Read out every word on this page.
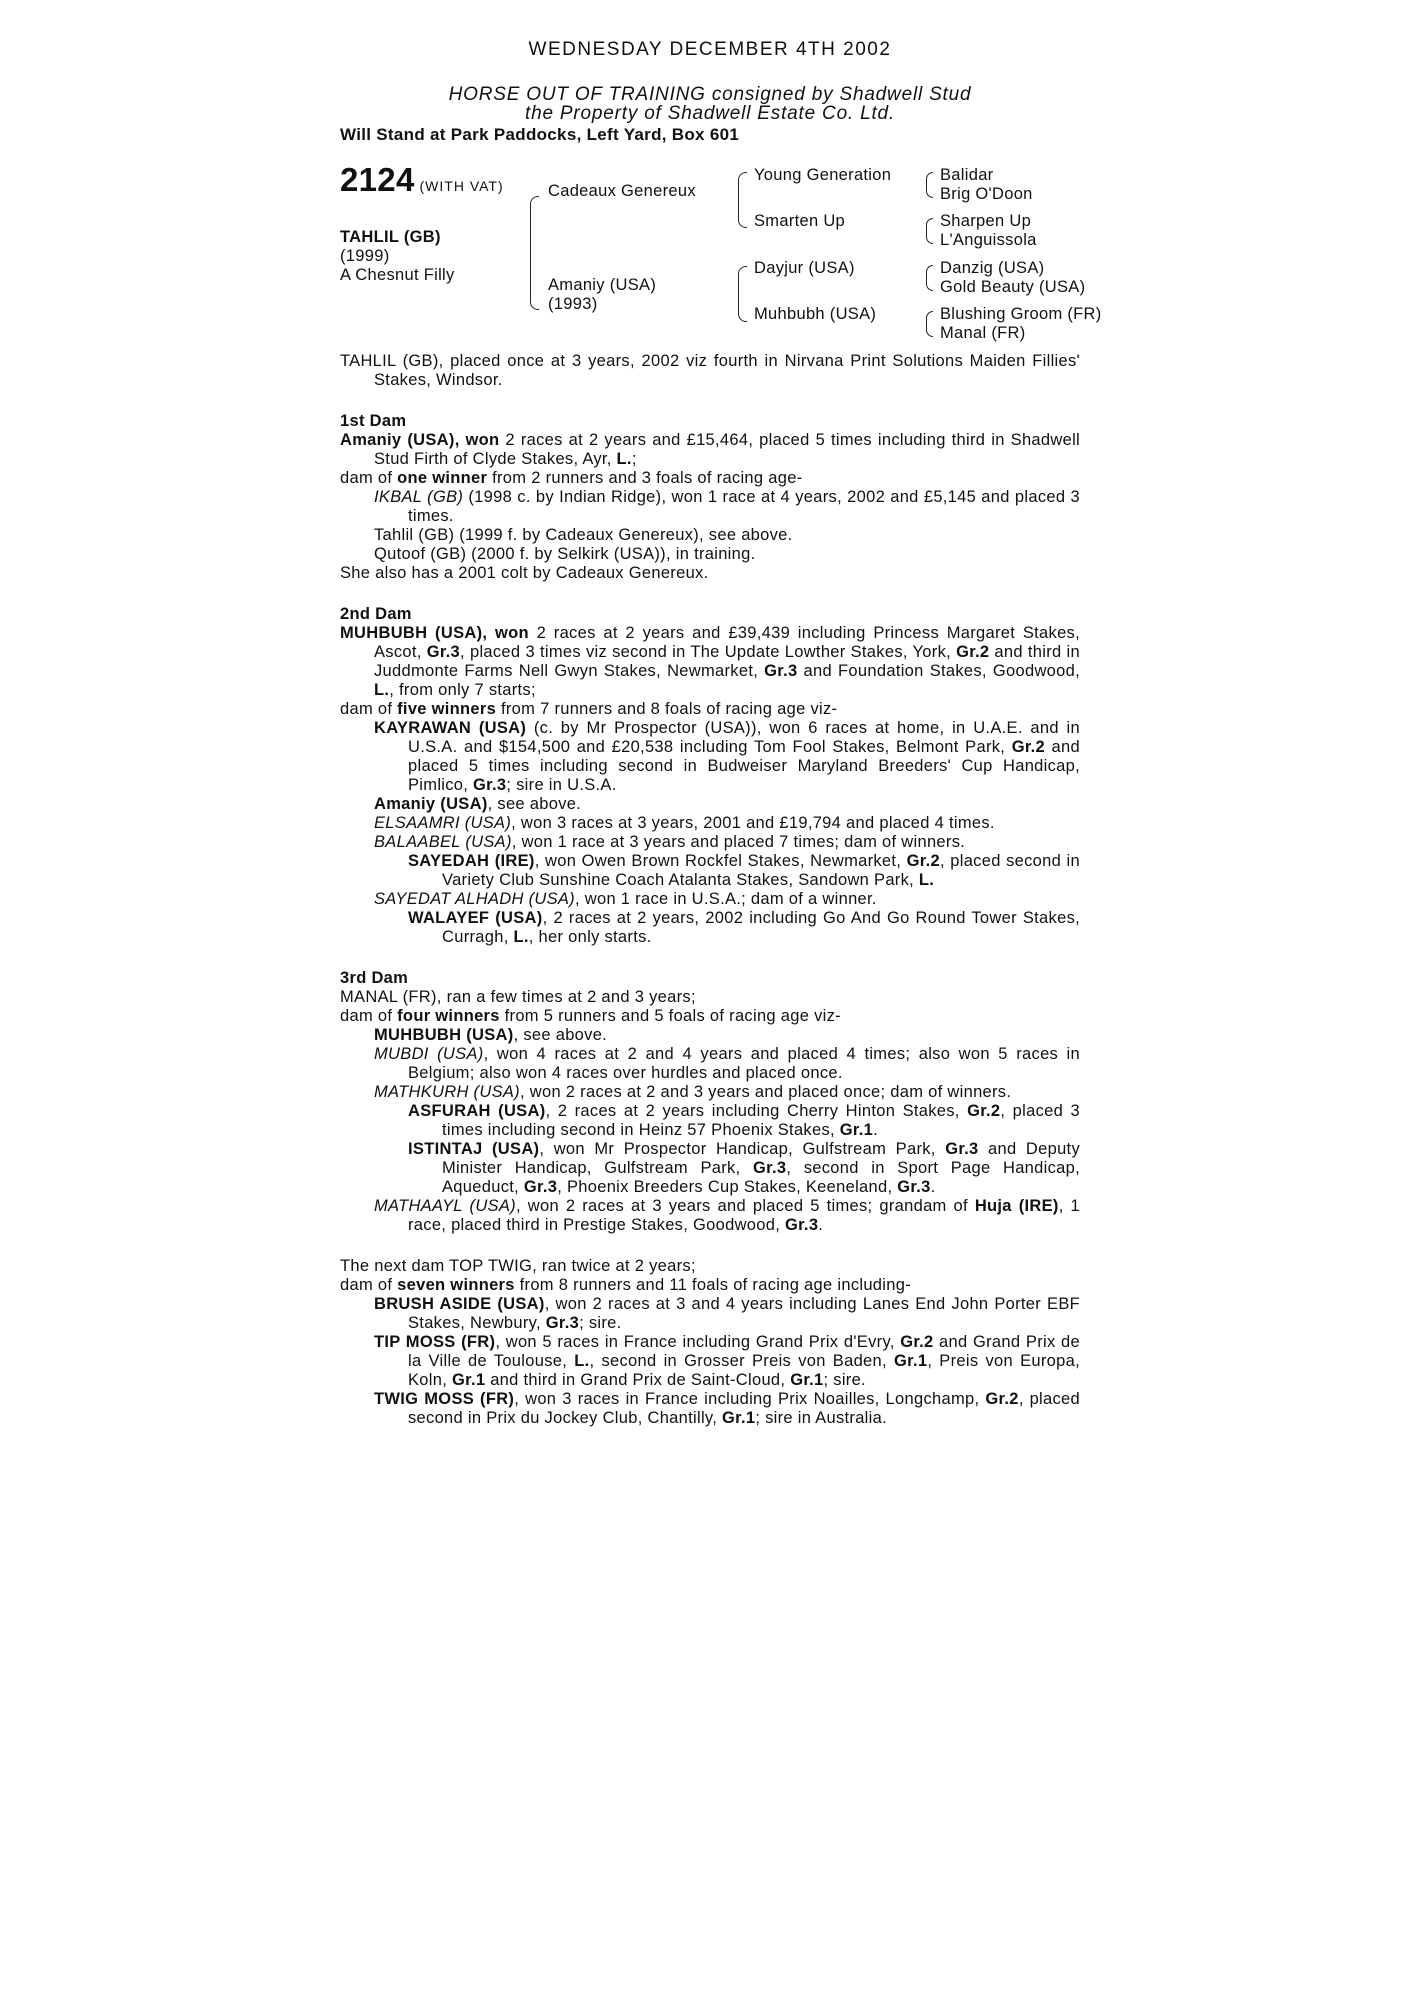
WEDNESDAY DECEMBER 4TH 2002
HORSE OUT OF TRAINING consigned by Shadwell Stud
the Property of Shadwell Estate Co. Ltd.
Will Stand at Park Paddocks, Left Yard, Box 601
2124 (WITH VAT)
TAHLIL (GB)
(1999)
A Chesnut Filly
Cadeaux Genereux
Amaniy (USA)
(1993)
Young Generation
Smarten Up
Dayjur (USA)
Muhbubh (USA)
Balidar
Brig O'Doon
Sharpen Up
L'Anguissola
Danzig (USA)
Gold Beauty (USA)
Blushing Groom (FR)
Manal (FR)

TAHLIL (GB), placed once at 3 years, 2002 viz fourth in Nirvana Print Solutions Maiden Fillies' Stakes, Windsor.

1st Dam

Amaniy (USA), won 2 races at 2 years and £15,464, placed 5 times including third in Shadwell Stud Firth of Clyde Stakes, Ayr, L.;

dam of one winner from 2 runners and 3 foals of racing age-

IKBAL (GB) (1998 c. by Indian Ridge), won 1 race at 4 years, 2002 and £5,145 and placed 3 times.

Tahlil (GB) (1999 f. by Cadeaux Genereux), see above.

Qutoof (GB) (2000 f. by Selkirk (USA)), in training.

She also has a 2001 colt by Cadeaux Genereux.

2nd Dam

MUHBUBH (USA), won 2 races at 2 years and £39,439 including Princess Margaret Stakes, Ascot, Gr.3, placed 3 times viz second in The Update Lowther Stakes, York, Gr.2 and third in Juddmonte Farms Nell Gwyn Stakes, Newmarket, Gr.3 and Foundation Stakes, Goodwood, L., from only 7 starts;

dam of five winners from 7 runners and 8 foals of racing age viz-

KAYRAWAN (USA) (c. by Mr Prospector (USA)), won 6 races at home, in U.A.E. and in U.S.A. and $154,500 and £20,538 including Tom Fool Stakes, Belmont Park, Gr.2 and placed 5 times including second in Budweiser Maryland Breeders' Cup Handicap, Pimlico, Gr.3; sire in U.S.A.

Amaniy (USA), see above.

ELSAAMRI (USA), won 3 races at 3 years, 2001 and £19,794 and placed 4 times.

BALAABEL (USA), won 1 race at 3 years and placed 7 times; dam of winners.

SAYEDAH (IRE), won Owen Brown Rockfel Stakes, Newmarket, Gr.2, placed second in Variety Club Sunshine Coach Atalanta Stakes, Sandown Park, L.

SAYEDAT ALHADH (USA), won 1 race in U.S.A.; dam of a winner.

WALAYEF (USA), 2 races at 2 years, 2002 including Go And Go Round Tower Stakes, Curragh, L., her only starts.

3rd Dam

MANAL (FR), ran a few times at 2 and 3 years;

dam of four winners from 5 runners and 5 foals of racing age viz-

MUHBUBH (USA), see above.

MUBDI (USA), won 4 races at 2 and 4 years and placed 4 times; also won 5 races in Belgium; also won 4 races over hurdles and placed once.

MATHKURH (USA), won 2 races at 2 and 3 years and placed once; dam of winners.

ASFURAH (USA), 2 races at 2 years including Cherry Hinton Stakes, Gr.2, placed 3 times including second in Heinz 57 Phoenix Stakes, Gr.1.

ISTINTAJ (USA), won Mr Prospector Handicap, Gulfstream Park, Gr.3 and Deputy Minister Handicap, Gulfstream Park, Gr.3, second in Sport Page Handicap, Aqueduct, Gr.3, Phoenix Breeders Cup Stakes, Keeneland, Gr.3.

MATHAAYL (USA), won 2 races at 3 years and placed 5 times; grandam of Huja (IRE), 1 race, placed third in Prestige Stakes, Goodwood, Gr.3.

The next dam TOP TWIG, ran twice at 2 years;

dam of seven winners from 8 runners and 11 foals of racing age including-

BRUSH ASIDE (USA), won 2 races at 3 and 4 years including Lanes End John Porter EBF Stakes, Newbury, Gr.3; sire.

TIP MOSS (FR), won 5 races in France including Grand Prix d'Evry, Gr.2 and Grand Prix de la Ville de Toulouse, L., second in Grosser Preis von Baden, Gr.1, Preis von Europa, Koln, Gr.1 and third in Grand Prix de Saint-Cloud, Gr.1; sire.

TWIG MOSS (FR), won 3 races in France including Prix Noailles, Longchamp, Gr.2, placed second in Prix du Jockey Club, Chantilly, Gr.1; sire in Australia.
